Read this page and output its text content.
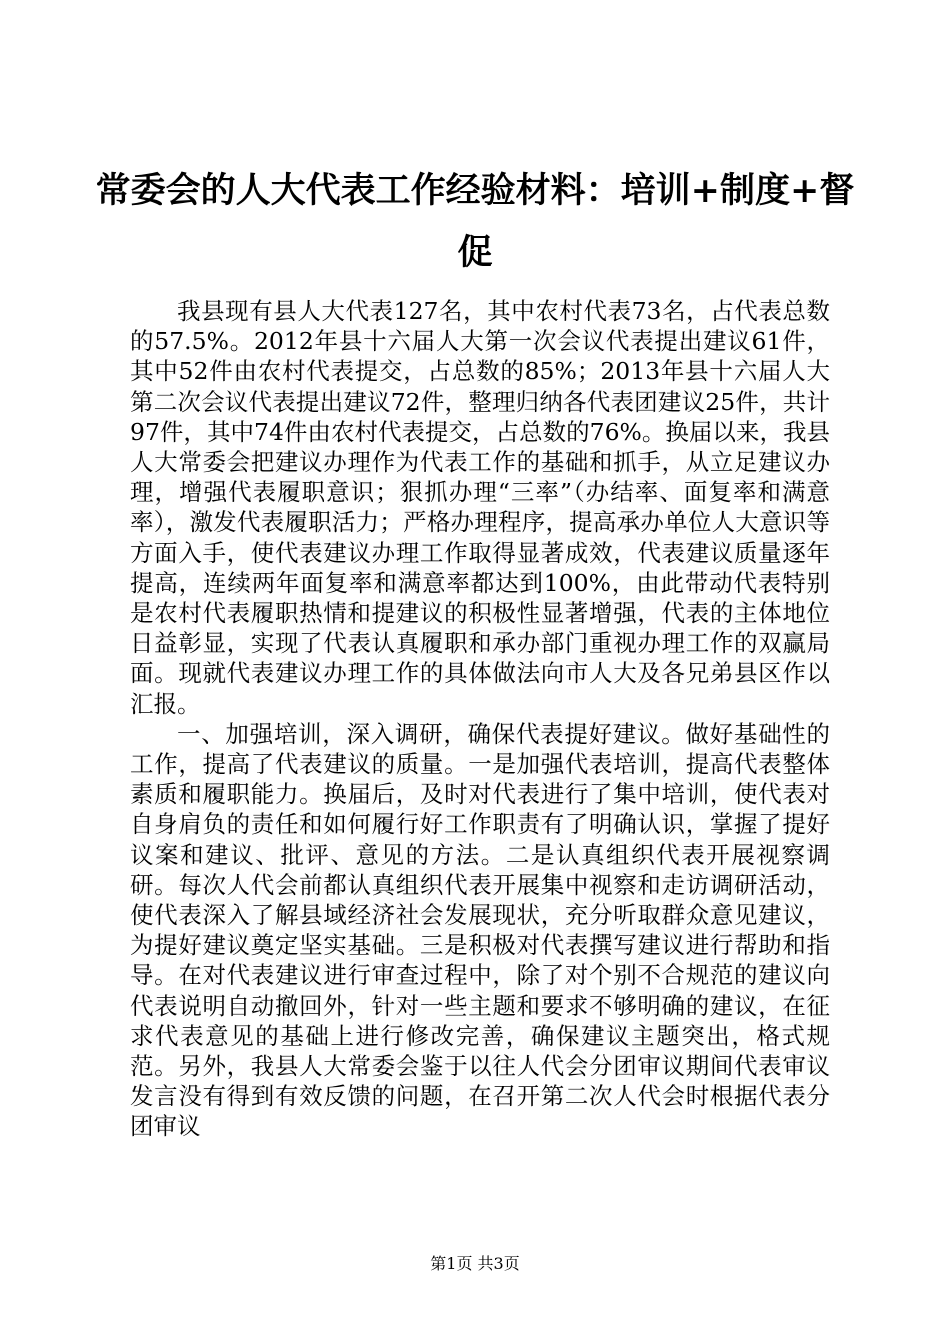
常委会的人大代表工作经验材料：培训+制度+督促

我县现有县人大代表127名，其中农村代表73名，占代表总数的57.5%。2012年县十六届人大第一次会议代表提出建议61件，其中52件由农村代表提交，占总数的85%；2013年县十六届人大第二次会议代表提出建议72件，整理归纳各代表团建议25件，共计97件，其中74件由农村代表提交，占总数的76%。换届以来，我县人大常委会把建议办理作为代表工作的基础和抓手，从立足建议办理，增强代表履职意识；狠抓办理“三率”（办结率、面复率和满意率），激发代表履职活力；严格办理程序，提高承办单位人大意识等方面入手，使代表建议办理工作取得显著成效，代表建议质量逐年提高，连续两年面复率和满意率都达到100%，由此带动代表特别是农村代表履职热情和提建议的积极性显著增强，代表的主体地位日益彰显，实现了代表认真履职和承办部门重视办理工作的双赢局面。现就代表建议办理工作的具体做法向市人大及各兄弟县区作以汇报。

一、加强培训，深入调研，确保代表提好建议。做好基础性的工作，提高了代表建议的质量。一是加强代表培训，提高代表整体素质和履职能力。换届后，及时对代表进行了集中培训，使代表对自身肩负的责任和如何履行好工作职责有了明确认识，掌握了提好议案和建议、批评、意见的方法。二是认真组织代表开展视察调研。每次人代会前都认真组织代表开展集中视察和走访调研活动，使代表深入了解县域经济社会发展现状，充分听取群众意见建议，为提好建议奠定坚实基础。三是积极对代表撰写建议进行帮助和指导。在对代表建议进行审查过程中，除了对个别不合规范的建议向代表说明自动撤回外，针对一些主题和要求不够明确的建议，在征求代表意见的基础上进行修改完善，确保建议主题突出，格式规范。另外，我县人大常委会鉴于以往人代会分团审议期间代表审议发言没有得到有效反馈的问题，在召开第二次人代会时根据代表分团审议

第1页 共3页
